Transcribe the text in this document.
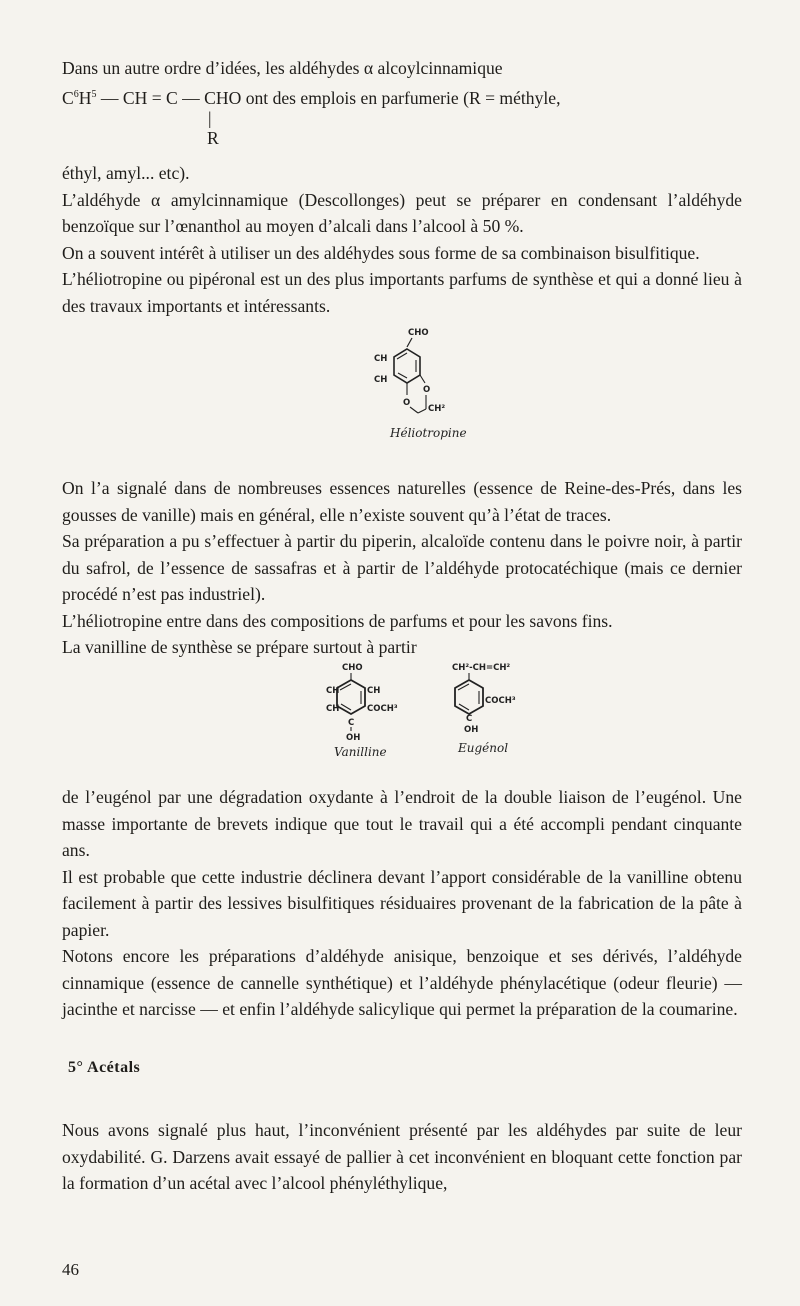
Dans un autre ordre d’idées, les aldéhydes α alcoylcinnamique

$C^6H^5$ — CH = C — CHO ont des emplois en parfumerie (R = méthyle,
|
R

éthyl, amyl... etc).

L’aldéhyde α amylcinnamique (Descollonges) peut se préparer en condensant l’aldéhyde benzoïque sur l’œnanthol au moyen d’alcali dans l’alcool à 50 %.

On a souvent intérêt à utiliser un des aldéhydes sous forme de sa combinaison bisulfitique.

L’héliotropine ou pipéronal est un des plus importants parfums de synthèse et qui a donné lieu à des travaux importants et intéressants.

CHO
CH
CH
O
O
CH²
Héliotropine

On l’a signalé dans de nombreuses essences naturelles (essence de Reine-des-Prés, dans les gousses de vanille) mais en général, elle n’existe souvent qu’à l’état de traces.

Sa préparation a pu s’effectuer à partir du piperin, alcaloïde contenu dans le poivre noir, à partir du safrol, de l’essence de sassafras et à partir de l’aldéhyde protocatéchique (mais ce dernier procédé n’est pas industriel).

L’héliotropine entre dans des compositions de parfums et pour les savons fins.

La vanilline de synthèse se prépare surtout à partir

CHO
CH	CH
CH	COCH³
C
OH
Vanilline
CH²-CH=CH²
COCH³
C
OH
Eugénol

de l’eugénol par une dégradation oxydante à l’endroit de la double liaison de l’eugénol. Une masse importante de brevets indique que tout le travail qui a été accompli pendant cinquante ans.

Il est probable que cette industrie déclinera devant l’apport considérable de la vanilline obtenu facilement à partir des lessives bisulfitiques résiduaires provenant de la fabrication de la pâte à papier.

Notons encore les préparations d’aldéhyde anisique, benzoique et ses dérivés, l’aldéhyde cinnamique (essence de cannelle synthétique) et l’aldéhyde phénylacétique (odeur fleurie) — jacinthe et narcisse — et enfin l’aldéhyde salicylique qui permet la préparation de la coumarine.

5° Acétals

Nous avons signalé plus haut, l’inconvénient présenté par les aldéhydes par suite de leur oxydabilité. G. Darzens avait essayé de pallier à cet inconvénient en bloquant cette fonction par la formation d’un acétal avec l’alcool phényléthylique,

46
